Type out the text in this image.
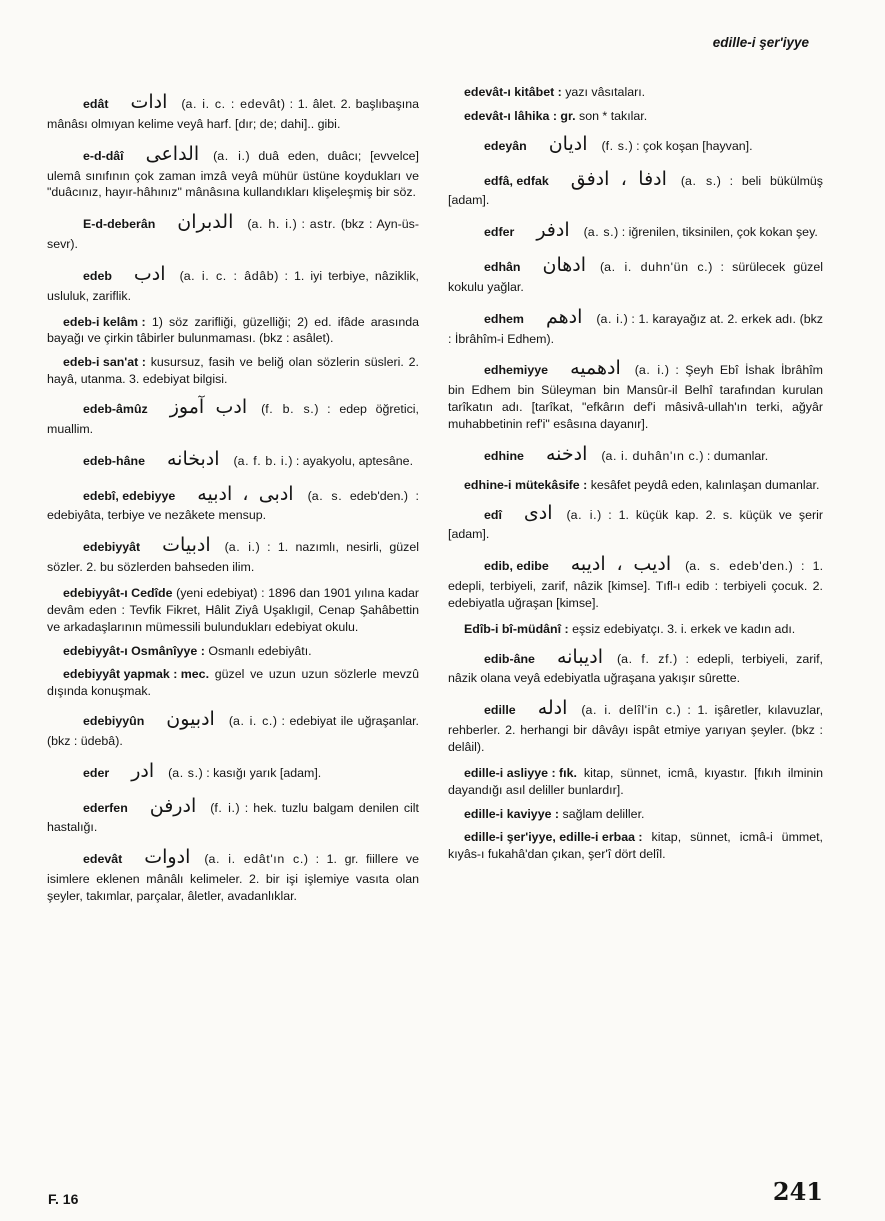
edille-i şer'iyye
edât ادات (a. i. c. : edevât) : 1. âlet. 2. başlıbaşına mânâsı olmıyan kelime veyâ harf. [dır; de; dahi].. gibi.
e-d-dâî الداعى (a. i.) duâ eden, duâcı; [evvelce] ulemâ sınıfının çok zaman imzâ veyâ mühür üstüne koydukları ve "duâcınız, hayır-hâhınız" mânâsına kullandıkları klişeleşmiş bir söz.
E-d-deberân الدبران (a. h. i.) : astr. (bkz : Ayn-üs-sevr).
edeb ادب (a. i. c. : âdâb) : 1. iyi terbiye, nâziklik, usluluk, zariflik.
edeb-i kelâm : 1) söz zarifliği, güzelliği; 2) ed. ifâde arasında bayağı ve çirkin tâbirler bulunmaması. (bkz : asâlet).
edeb-i san'at : kusursuz, fasih ve beliğ olan sözlerin süsleri. 2. hayâ, utanma. 3. edebiyat bilgisi.
edeb-âmûz ادب آموز (f. b. s.) : edep öğretici, muallim.
edeb-hâne ادبخانه (a. f. b. i.) : ayakyolu, aptesâne.
edebî, edebiyye ادبى ، ادبيه (a. s. edeb'den.) : edebiyâta, terbiye ve nezâkete mensup.
edebiyyât ادبيات (a. i.) : 1. nazımlı, nesirli, güzel sözler. 2. bu sözlerden bahseden ilim.
edebiyyât-ı Cedîde (yeni edebiyat) : 1896 dan 1901 yılına kadar devâm eden : Tevfik Fikret, Hâlit Ziyâ Uşaklıgil, Cenap Şahâbettin ve arkadaşlarının mümessili bulundukları edebiyat okulu.
edebiyyât-ı Osmânîyye : Osmanlı edebiyâtı.
edebiyyât yapmak : mec. güzel ve uzun uzun sözlerle mevzû dışında konuşmak.
edebiyyûn ادبيون (a. i. c.) : edebiyat ile uğraşanlar. (bkz : üdebâ).
eder ادر (a. s.) : kasığı yarık [adam].
ederfen ادرفن (f. i.) : hek. tuzlu balgam denilen cilt hastalığı.
edevât ادوات (a. i. edât'ın c.) : 1. gr. fiillere ve isimlere eklenen mânâlı kelimeler. 2. bir işi işlemiye vasıta olan şeyler, takımlar, parçalar, âletler, avadanlıklar.
edevât-ı kitâbet : yazı vâsıtaları.
edevât-ı lâhika : gr. son * takılar.
edeyân اديان (f. s.) : çok koşan [hayvan].
edfâ, edfak ادفا ، ادفق (a. s.) : beli bükülmüş [adam].
edfer ادفر (a. s.) : iğrenilen, tiksinilen, çok kokan şey.
edhân ادهان (a. i. duhn'ün c.) : sürülecek güzel kokulu yağlar.
edhem ادهم (a. i.) : 1. karayağız at. 2. erkek adı. (bkz : İbrâhîm-i Edhem).
edhemiyye ادهميه (a. i.) : Şeyh Ebî İshak İbrâhîm bin Edhem bin Süleyman bin Mansûr-il Belhî tarafından kurulan tarîkatın adı. [tarîkat, "efkârın def'i mâsivâ-ullah'ın terki, ağyâr muhabbetinin ref'i" esâsına dayanır].
edhine ادخنه (a. i. duhân'ın c.) : dumanlar.
edhine-i mütekâsife : kesâfet peydâ eden, kalınlaşan dumanlar.
edî ادى (a. i.) : 1. küçük kap. 2. s. küçük ve şerir [adam].
edib, edibe اديب ، اديبه (a. s. edeb'den.) : 1. edepli, terbiyeli, zarif, nâzik [kimse]. Tıfl-ı edib : terbiyeli çocuk. 2. edebiyatla uğraşan [kimse].
Edîb-i bî-müdânî : eşsiz edebiyatçı. 3. i. erkek ve kadın adı.
edib-âne اديبانه (a. f. zf.) : edepli, terbiyeli, zarif, nâzik olana veyâ edebiyatla uğraşana yakışır sûrette.
edille ادله (a. i. delîl'in c.) : 1. işâretler, kılavuzlar, rehberler. 2. herhangi bir dâvâyı ispât etmiye yarıyan şeyler. (bkz : delâil).
edille-i asliyye : fık. kitap, sünnet, icmâ, kıyastır. [fıkıh ilminin dayandığı asıl deliller bunlardır].
edille-i kaviyye : sağlam deliller.
edille-i şer'iyye, edille-i erbaa : kitap, sünnet, icmâ-i ümmet, kıyâs-ı fukahâ'dan çıkan, şer'î dört delîl.
F. 16	241
